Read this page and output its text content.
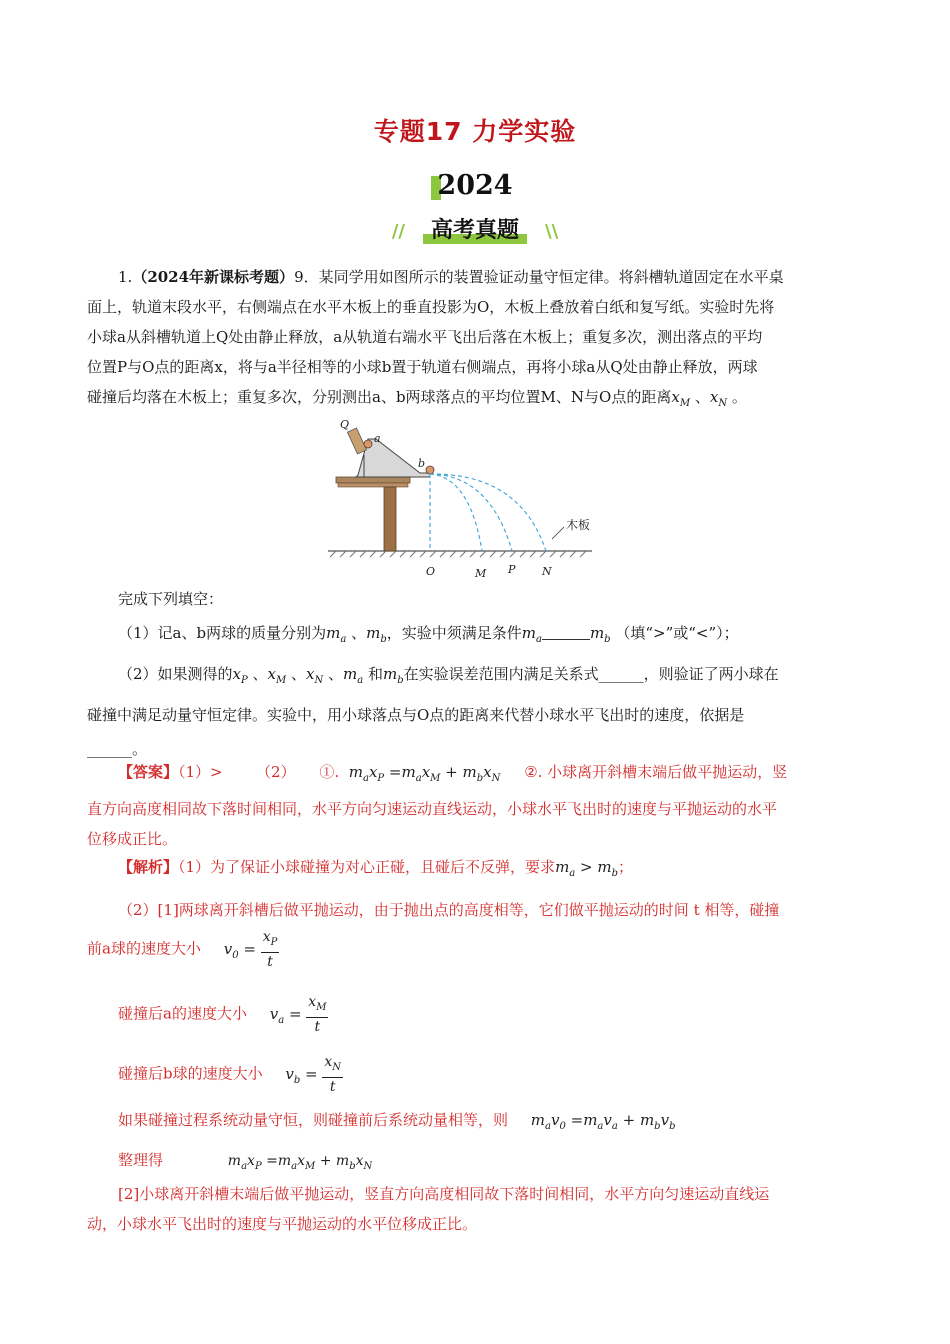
专题17 力学实验
2024
// 高考真题 \\

1.（2024年新课标考题）9．某同学用如图所示的装置验证动量守恒定律。将斜槽轨道固定在水平桌

面上，轨道末段水平，右侧端点在水平木板上的垂直投影为O，木板上叠放着白纸和复写纸。实验时先将

小球a从斜槽轨道上Q处由静止释放，a从轨道右端水平飞出后落在木板上；重复多次，测出落点的平均

位置P与O点的距离x，将与a半径相等的小球b置于轨道右侧端点，再将小球a从Q处由静止释放，两球

碰撞后均落在木板上；重复多次，分别测出a、b两球落点的平均位置M、N与O点的距离$x_M$ 、$x_N$ 。

Q
a
b
木板
O	M P N

完成下列填空：

（1）记a、b两球的质量分别为$m_a$ 、$m_b$，实验中须满足条件$m_a$	$m_b$ （填“>”或“<”）；

（2）如果测得的$x_P$ 、$x_M$ 、$x_N$ 、$m_a$ 和$m_b$在实验误差范围内满足关系式______，则验证了两小球在

碰撞中满足动量守恒定律。实验中，用小球落点与O点的距离来代替小球水平飞出时的速度，依据是

______。

【答案】（1）> （2） ①. $m_ax_P =m_ax_M + m_bx_N$ ②. 小球离开斜槽末端后做平抛运动，竖

直方向高度相同故下落时间相同，水平方向匀速运动直线运动，小球水平飞出时的速度与平抛运动的水平

位移成正比。

【解析】（1）为了保证小球碰撞为对心正碰，且碰后不反弹，要求$m_a > m_b$；

（2）[1]两球离开斜槽后做平抛运动，由于抛出点的高度相等，它们做平抛运动的时间 t 相等，碰撞

前a球的速度大小 $v_0 = \frac{x_P}{t}$
碰撞后a的速度大小 $v_a = \frac{x_M}{t}$
碰撞后b球的速度大小 $v_b = \frac{x_N}{t}$
如果碰撞过程系统动量守恒，则碰撞前后系统动量相等，则 $m_av_0 =m_av_a + m_bv_b$
整理得	$m_ax_P =m_ax_M + m_bx_N$

[2]小球离开斜槽末端后做平抛运动，竖直方向高度相同故下落时间相同，水平方向匀速运动直线运

动，小球水平飞出时的速度与平抛运动的水平位移成正比。
